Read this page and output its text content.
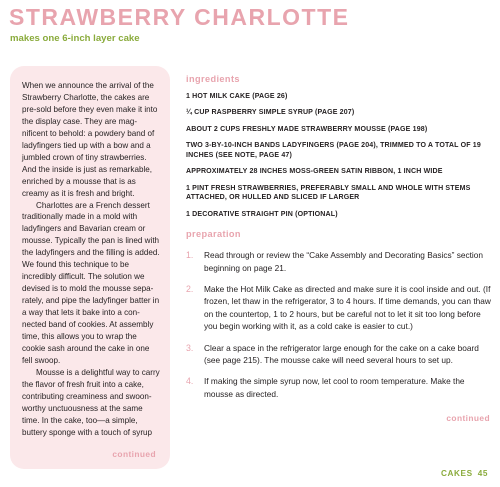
STRAWBERRY CHARLOTTE
makes one 6-inch layer cake

When we announce the arrival of the Strawberry Charlotte, the cakes are pre-sold before they even make it into the display case. They are mag-nificent to behold: a powdery band of ladyfingers tied up with a bow and a jumbled crown of tiny strawberries. And the inside is just as remarkable, enriched by a mousse that is as creamy as it is fresh and bright.

Charlottes are a French dessert traditionally made in a mold with ladyfingers and Bavarian cream or mousse. Typically the pan is lined with the ladyfingers and the filling is added. We found this technique to be incredibly difficult. The solution we devised is to mold the mousse sepa-rately, and pipe the ladyfinger batter in a way that lets it bake into a con-nected band of cookies. At assembly time, this allows you to wrap the cookie sash around the cake in one fell swoop.

Mousse is a delightful way to carry the flavor of fresh fruit into a cake, contributing creaminess and swoon-worthy unctuousness at the same time. In the cake, too—a simple, buttery sponge with a touch of syrup

continued
ingredients
1 HOT MILK CAKE (PAGE 26)
¼ CUP RASPBERRY SIMPLE SYRUP (PAGE 207)
ABOUT 2 CUPS FRESHLY MADE STRAWBERRY MOUSSE (PAGE 198)
TWO 3-BY-10-INCH BANDS LADYFINGERS (PAGE 204), TRIMMED TO A TOTAL OF 19 INCHES (SEE NOTE, PAGE 47)
APPROXIMATELY 28 INCHES MOSS-GREEN SATIN RIBBON, 1 INCH WIDE
1 PINT FRESH STRAWBERRIES, PREFERABLY SMALL AND WHOLE WITH STEMS ATTACHED, OR HULLED AND SLICED IF LARGER
1 DECORATIVE STRAIGHT PIN (OPTIONAL)
preparation
1.	Read through or review the “Cake Assembly and Decorating Basics” section beginning on page 21.
2.	Make the Hot Milk Cake as directed and make sure it is cool inside and out. (If frozen, let thaw in the refrigerator, 3 to 4 hours. If time demands, you can thaw on the countertop, 1 to 2 hours, but be careful not to let it sit too long before you begin working with it, as a cold cake is easier to cut.)
3.	Clear a space in the refrigerator large enough for the cake on a cake board (see page 215). The mousse cake will need several hours to set up.
4.	If making the simple syrup now, let cool to room temperature. Make the mousse as directed.
continued
CAKES 45
